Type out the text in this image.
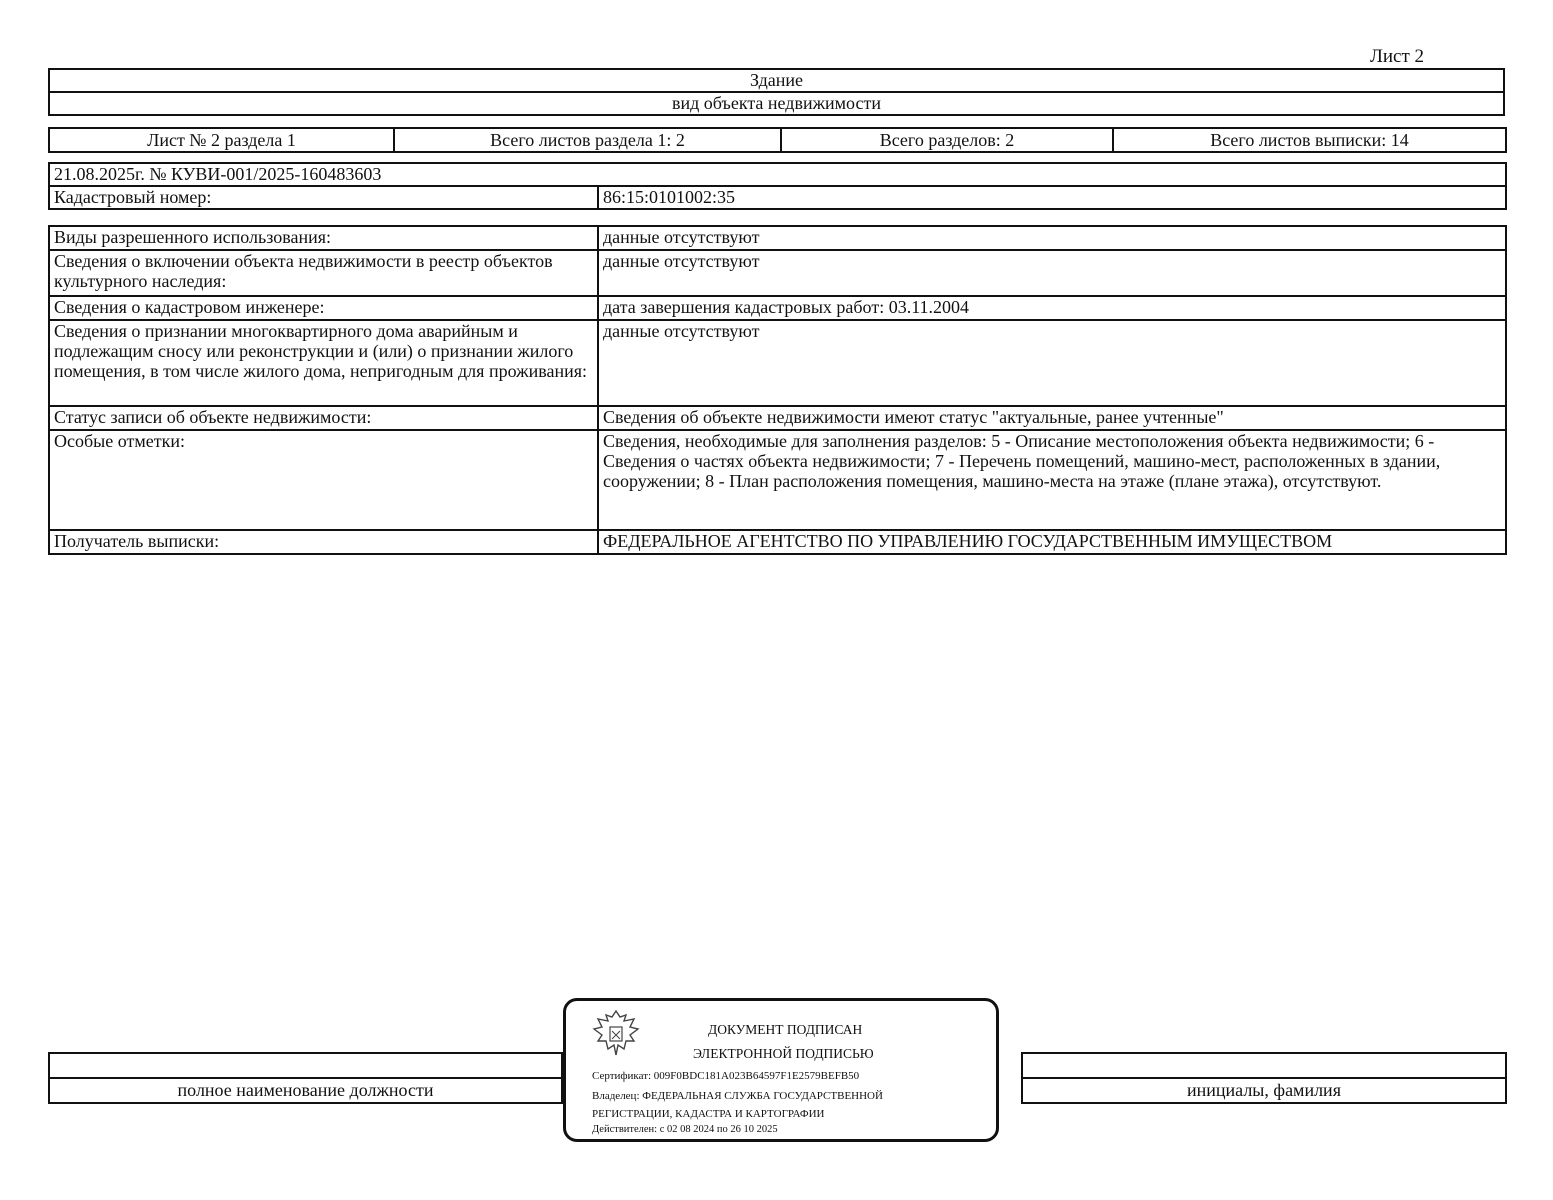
Лист 2
Здание
вид объекта недвижимости
Лист № 2 раздела 1	Всего листов раздела 1: 2	Всего разделов: 2	Всего листов выписки: 14
21.08.2025г. № КУВИ-001/2025-160483603
Кадастровый номер:	86:15:0101002:35
Виды разрешенного использования:	данные отсутствуют
Сведения о включении объекта недвижимости в реестр объектов культурного наследия:	данные отсутствуют
Сведения о кадастровом инженере:	дата завершения кадастровых работ: 03.11.2004
Сведения о признании многоквартирного дома аварийным и подлежащим сносу или реконструкции и (или) о признании жилого помещения, в том числе жилого дома, непригодным для проживания:	данные отсутствуют
Статус записи об объекте недвижимости:	Сведения об объекте недвижимости имеют статус "актуальные, ранее учтенные"
Особые отметки:	Сведения, необходимые для заполнения разделов: 5 - Описание местоположения объекта недвижимости; 6 - Сведения о частях объекта недвижимости; 7 - Перечень помещений, машино-мест, расположенных в здании, сооружении; 8 - План расположения помещения, машино-места на этаже (плане этажа), отсутствуют.
Получатель выписки:	ФЕДЕРАЛЬНОЕ АГЕНТСТВО ПО УПРАВЛЕНИЮ ГОСУДАРСТВЕННЫМ ИМУЩЕСТВОМ

полное наименование должности		инициалы, фамилия
ДОКУМЕНТ ПОДПИСАН
ЭЛЕКТРОННОЙ ПОДПИСЬЮ
Сертификат: 009F0BDC181A023B64597F1E2579BEFB50
Владелец: ФЕДЕРАЛЬНАЯ СЛУЖБА ГОСУДАРСТВЕННОЙ
РЕГИСТРАЦИИ, КАДАСТРА И КАРТОГРАФИИ
Действителен: с 02 08 2024 по 26 10 2025
